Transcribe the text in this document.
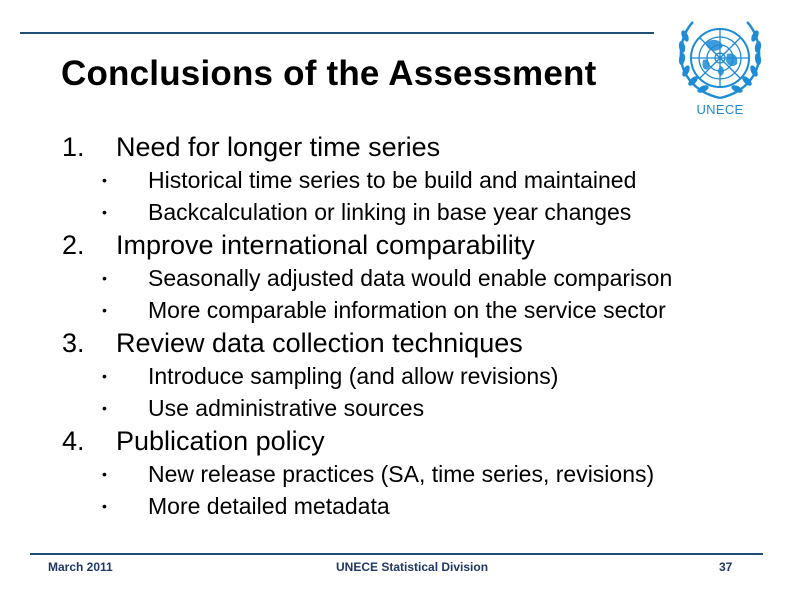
Conclusions of the Assessment
UNECE
1. Need for longer time series
• Historical time series to be build and maintained
• Backcalculation or linking in base year changes
2. Improve international comparability
• Seasonally adjusted data would enable comparison
• More comparable information on the service sector
3. Review data collection techniques
• Introduce sampling (and allow revisions)
• Use administrative sources
4. Publication policy
• New release practices (SA, time series, revisions)
• More detailed metadata
March 2011	UNECE Statistical Division	37
